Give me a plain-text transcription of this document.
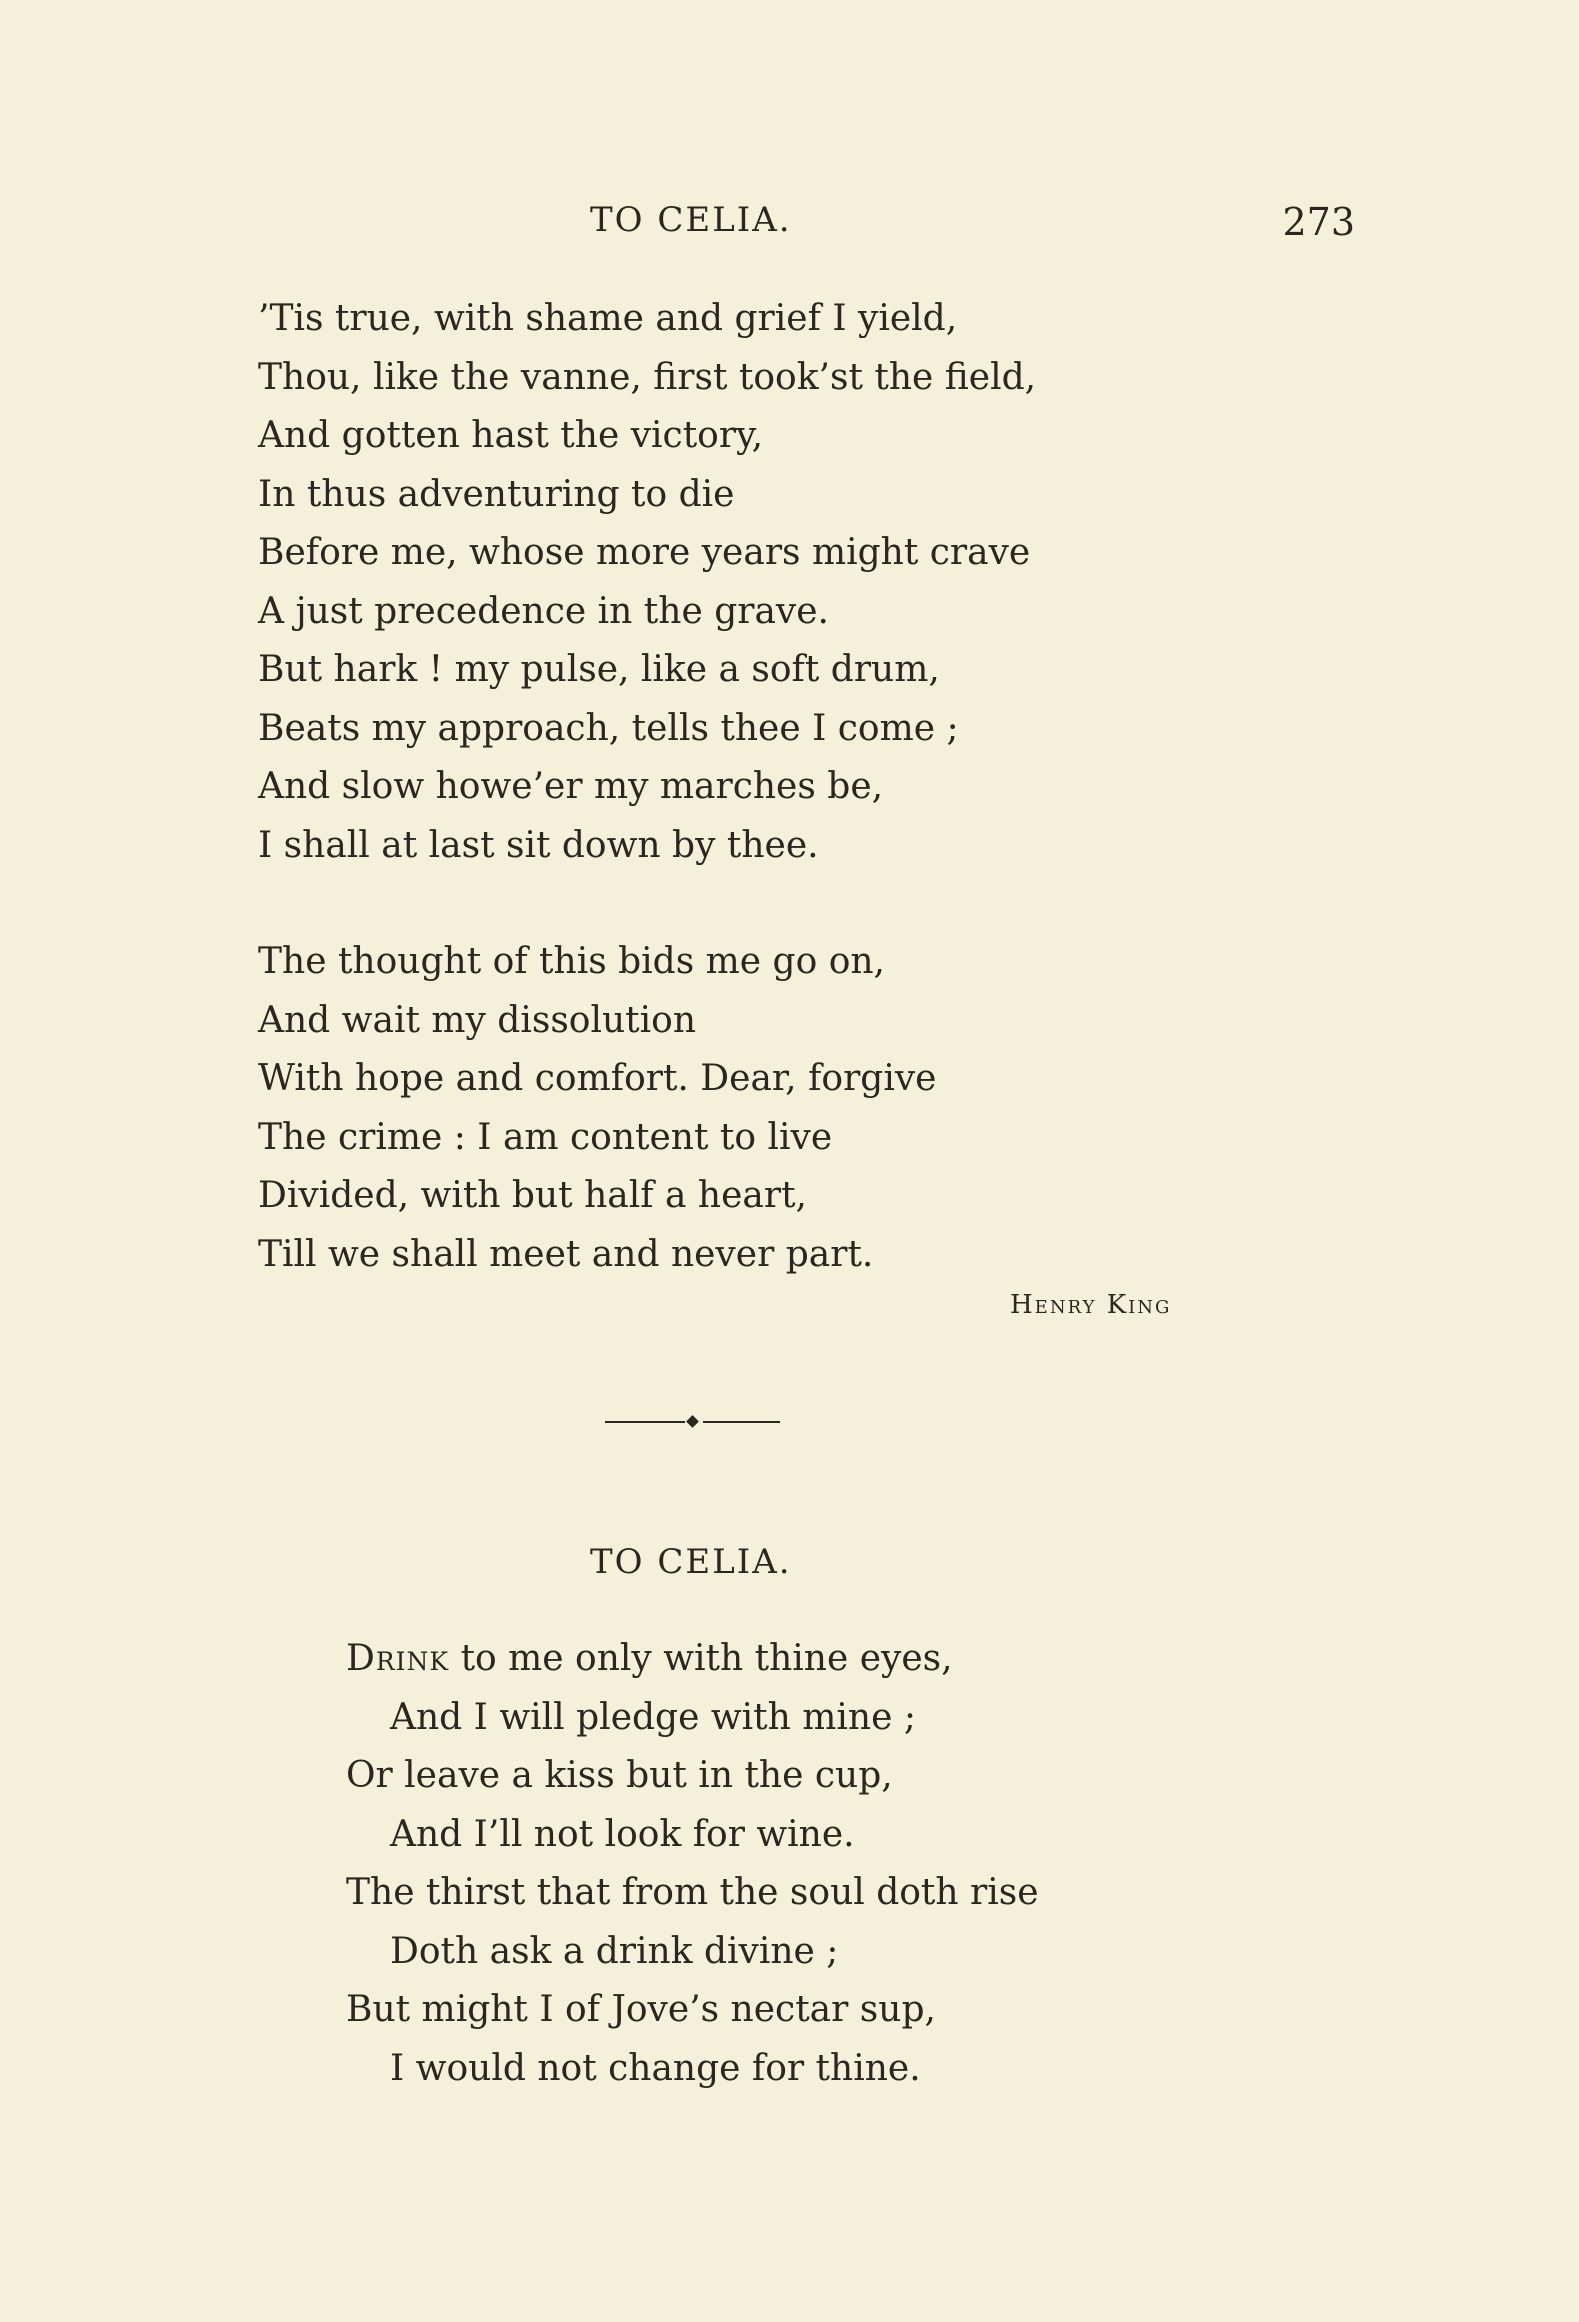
TO CELIA.	273
’Tis true, with shame and grief I yield,
Thou, like the vanne, first took’st the field,
And gotten hast the victory,
In thus adventuring to die
Before me, whose more years might crave
A just precedence in the grave.
But hark ! my pulse, like a soft drum,
Beats my approach, tells thee I come ;
And slow howe’er my marches be,
I shall at last sit down by thee.
The thought of this bids me go on,
And wait my dissolution
With hope and comfort. Dear, forgive
The crime : I am content to live
Divided, with but half a heart,
Till we shall meet and never part.
Henry King
TO CELIA.
Drink to me only with thine eyes,
And I will pledge with mine ;
Or leave a kiss but in the cup,
And I’ll not look for wine.
The thirst that from the soul doth rise
Doth ask a drink divine ;
But might I of Jove’s nectar sup,
I would not change for thine.
